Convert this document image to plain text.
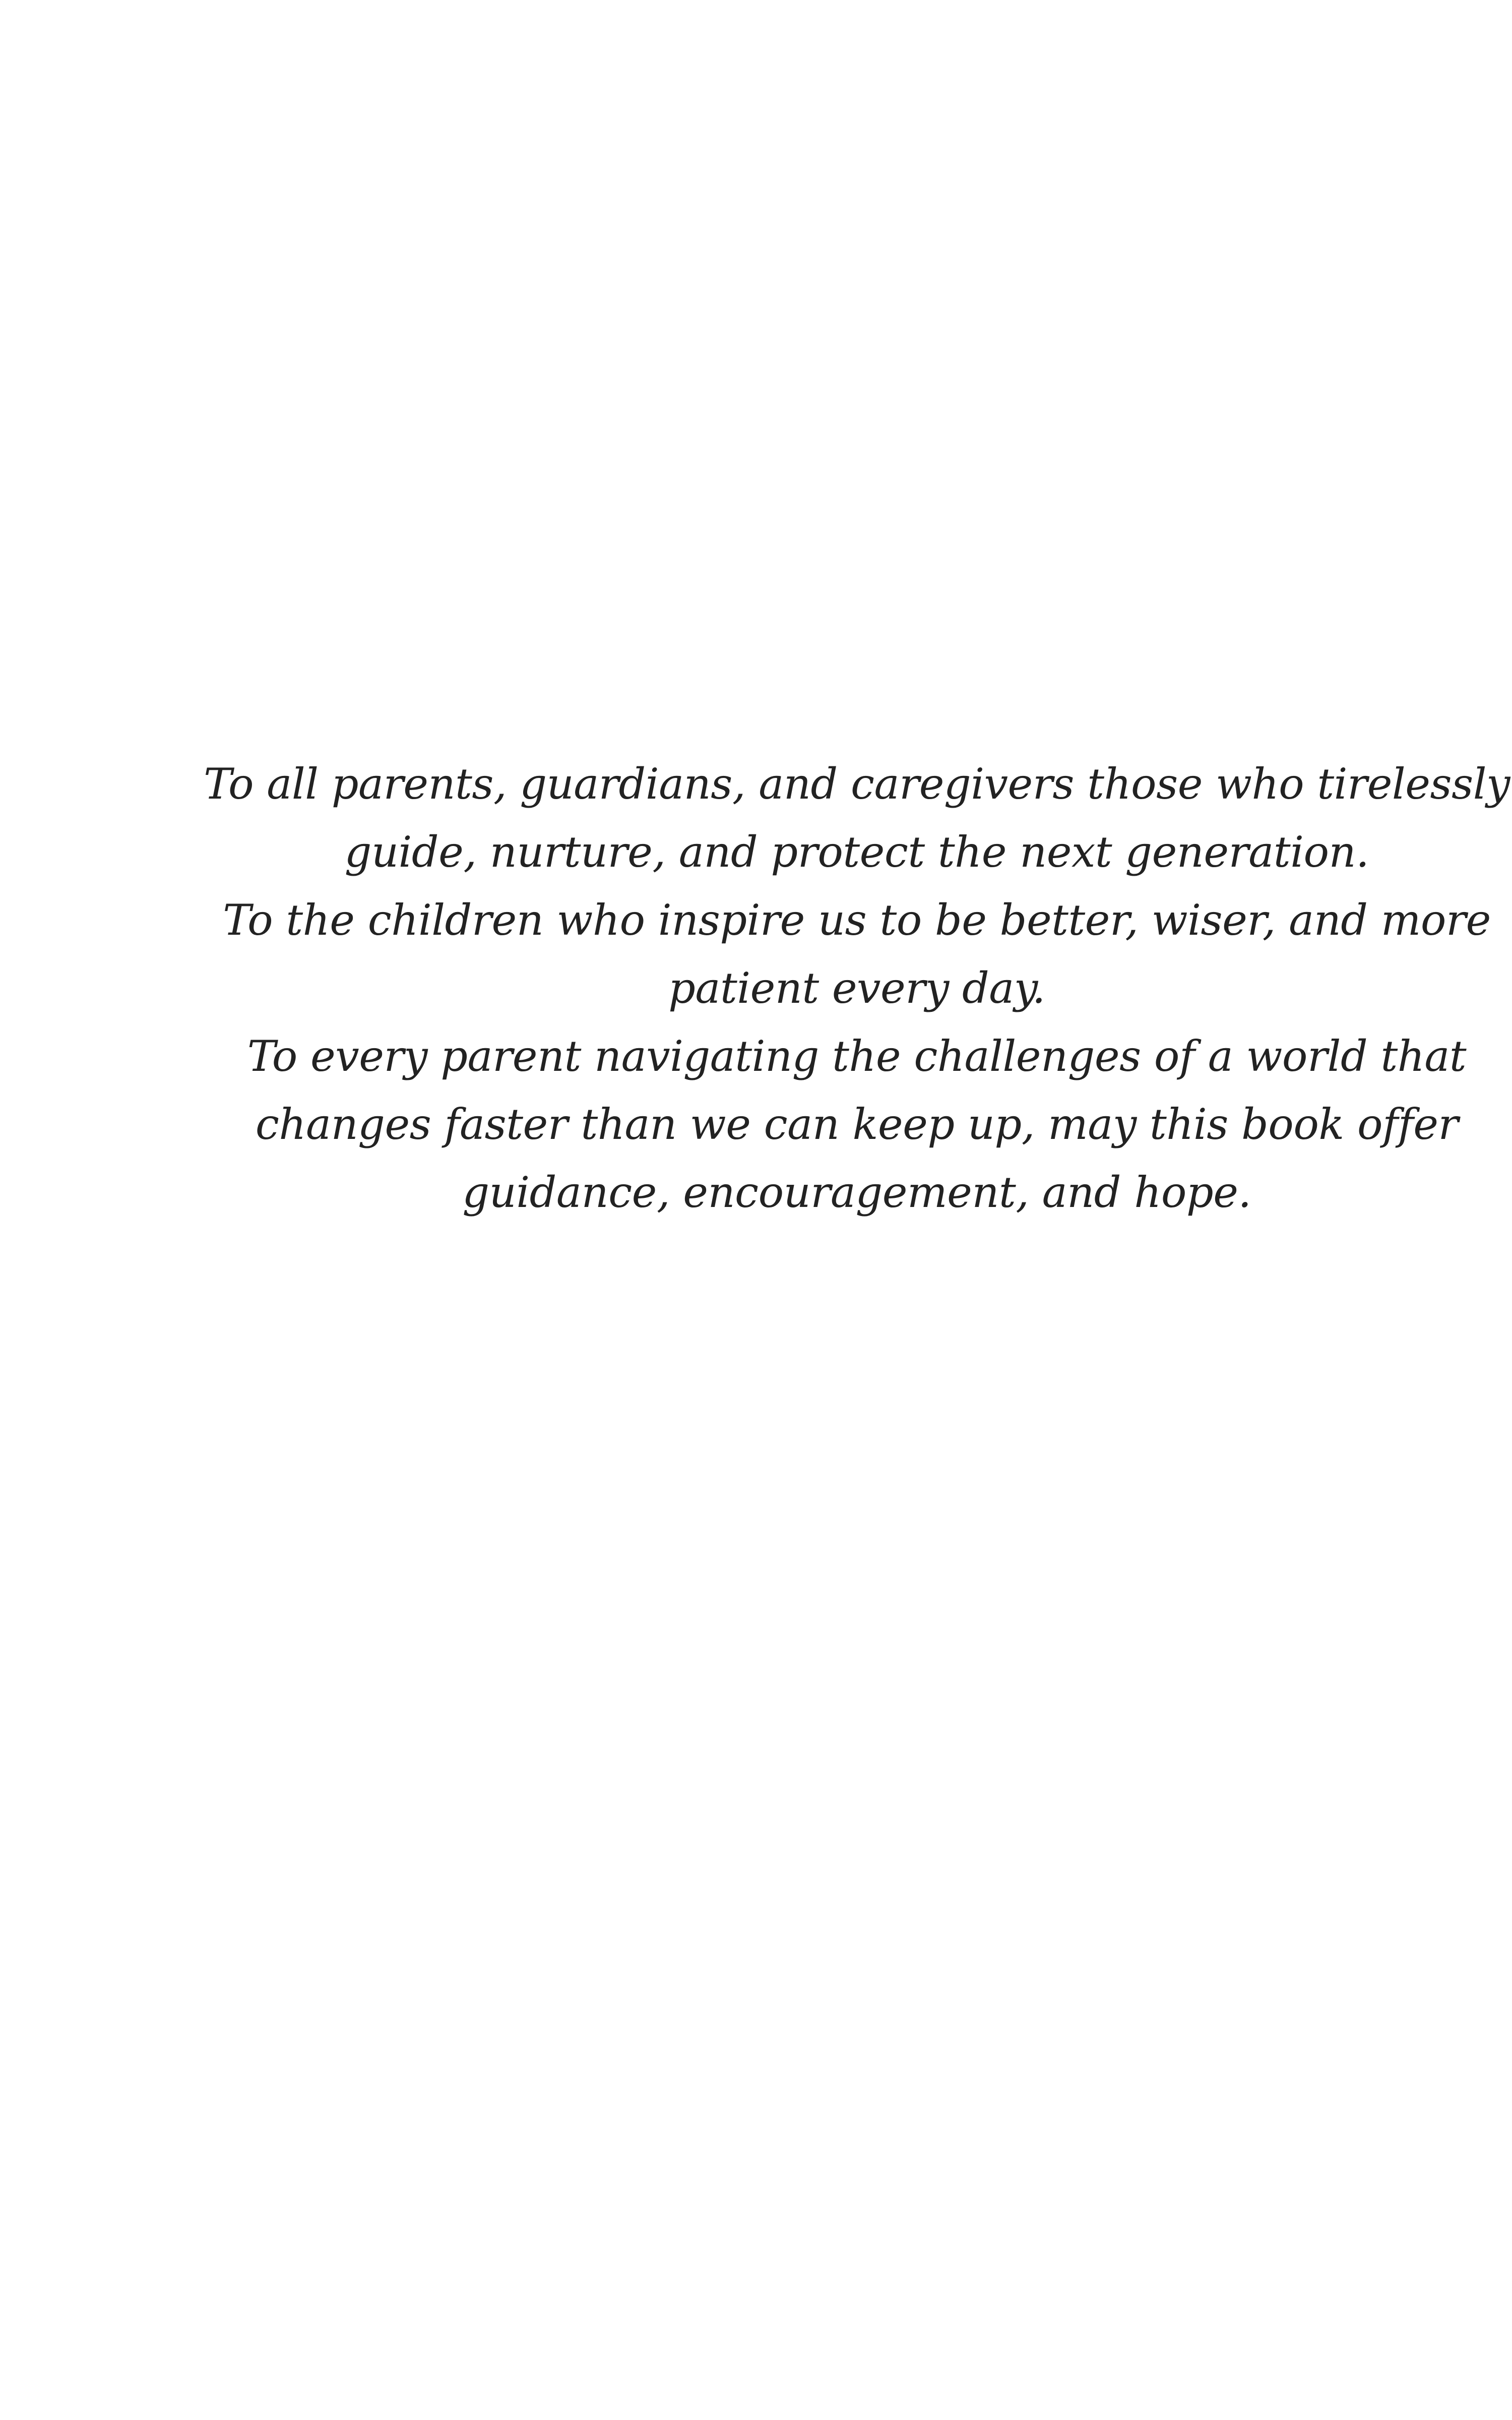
To all parents, guardians, and caregivers those who tirelessly guide, nurture, and protect the next generation.

To the children who inspire us to be better, wiser, and more patient every day.

To every parent navigating the challenges of a world that changes faster than we can keep up, may this book offer guidance, encouragement, and hope.
